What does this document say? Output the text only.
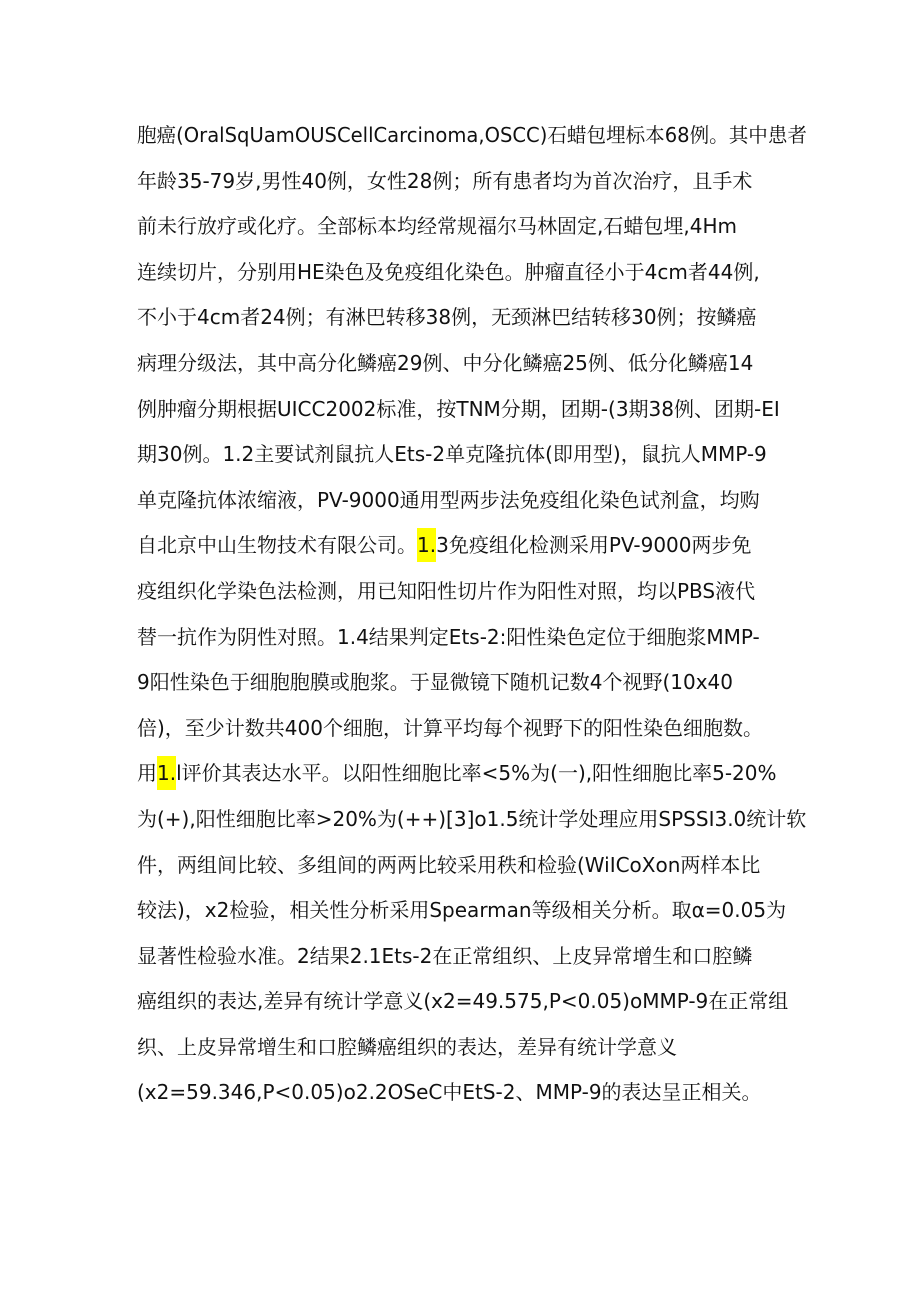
胞癌(OralSqUamOUSCellCarcinoma,OSCC)石蜡包埋标本68例。其中患者
年龄35-79岁,男性40例，女性28例；所有患者均为首次治疗，且手术
前未行放疗或化疗。全部标本均经常规福尔马林固定,石蜡包埋,4Hm
连续切片，分别用HE染色及免疫组化染色。肿瘤直径小于4cm者44例,
不小于4cm者24例；有淋巴转移38例，无颈淋巴结转移30例；按鳞癌
病理分级法，其中高分化鳞癌29例、中分化鳞癌25例、低分化鳞癌14
例肿瘤分期根据UICC2002标准，按TNM分期，团期-(3期38例、团期-EI
期30例。1.2主要试剂鼠抗人Ets-2单克隆抗体(即用型)，鼠抗人MMP-9
单克隆抗体浓缩液，PV-9000通用型两步法免疫组化染色试剂盒，均购
自北京中山生物技术有限公司。1.3免疫组化检测采用PV-9000两步免
疫组织化学染色法检测，用已知阳性切片作为阳性对照，均以PBS液代
替一抗作为阴性对照。1.4结果判定Ets-2:阳性染色定位于细胞浆MMP-
9阳性染色于细胞胞膜或胞浆。于显微镜下随机记数4个视野(10x40
倍)，至少计数共400个细胞，计算平均每个视野下的阳性染色细胞数。
用1.l评价其表达水平。以阳性细胞比率<5%为(一),阳性细胞比率5-20%
为(+),阳性细胞比率>20%为(++)[3]o1.5统计学处理应用SPSSI3.0统计软
件，两组间比较、多组间的两两比较采用秩和检验(WiICoXon两样本比
较法)，x2检验，相关性分析采用Spearman等级相关分析。取α=0.05为
显著性检验水准。2结果2.1Ets-2在正常组织、上皮异常增生和口腔鳞
癌组织的表达,差异有统计学意义(x2=49.575,P<0.05)oMMP-9在正常组
织、上皮异常增生和口腔鳞癌组织的表达，差异有统计学意义
(x2=59.346,P<0.05)o2.2OSeC中EtS-2、MMP-9的表达呈正相关。
